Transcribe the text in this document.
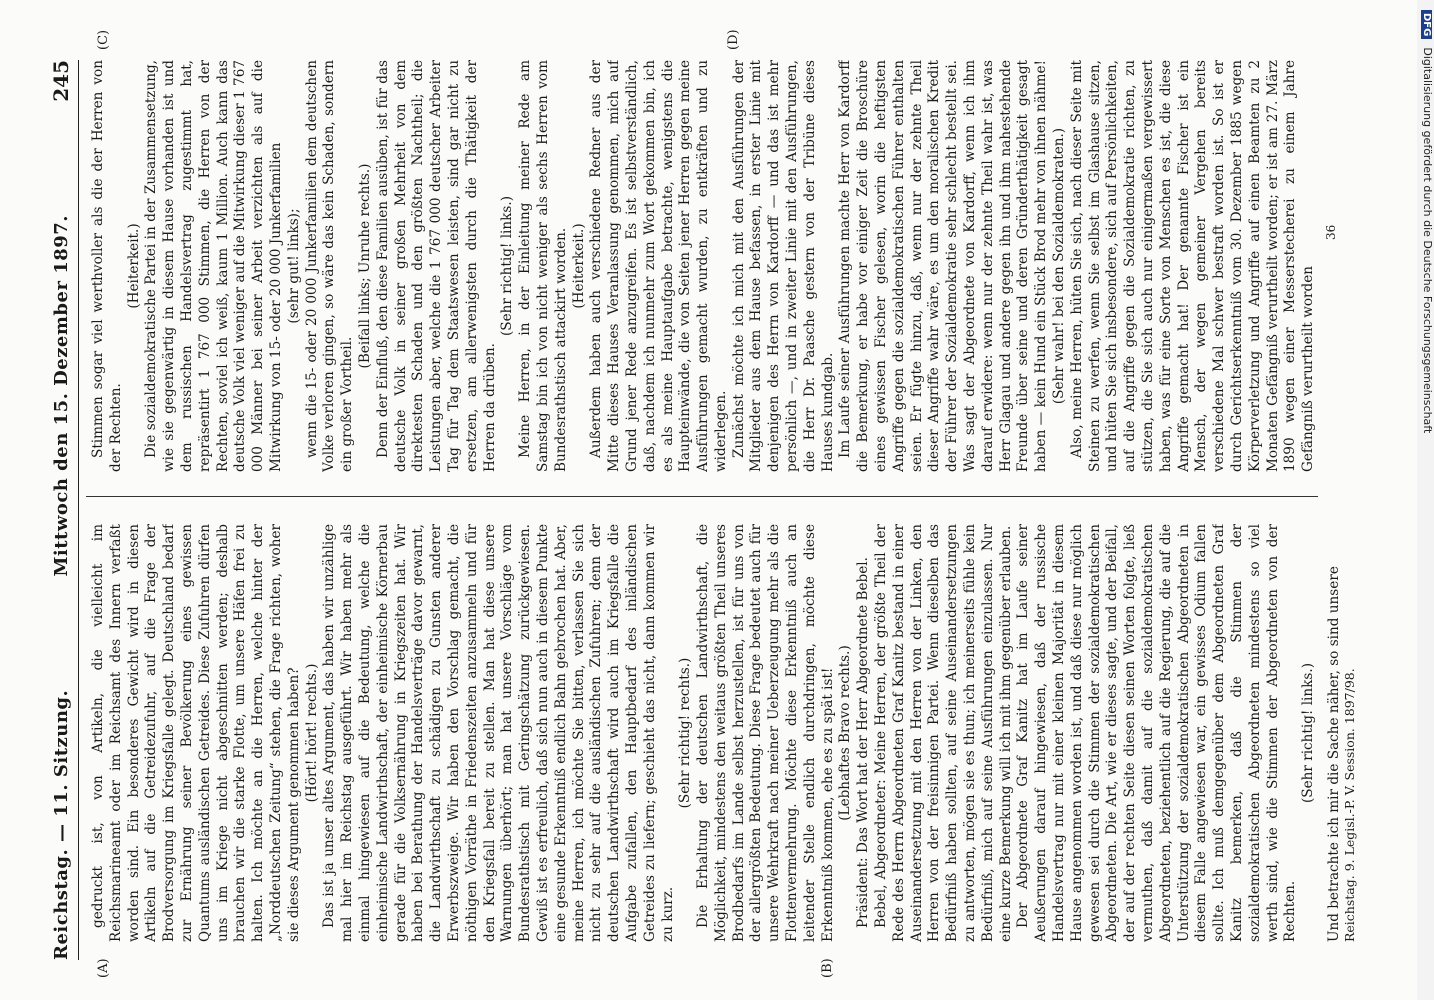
Reichstag. — 11. Sitzung.
Mittwoch den 15. Dezember 1897.
245
(A)	(B)
(C)	(D)

gedruckt ist, von Artikeln, die vielleicht im Reichsmarineamt oder im Reichsamt des Innern verfaßt worden sind. Ein besonderes Gewicht wird in diesen Artikeln auf die Getreidezufuhr, auf die Frage der Brodversorgung im Kriegsfalle gelegt. Deutschland bedarf zur Ernährung seiner Bevölkerung eines gewissen Quantums ausländischen Getreides. Diese Zufuhren dürfen uns im Kriege nicht abgeschnitten werden; deshalb brauchen wir die starke Flotte, um unsere Häfen frei zu halten. Ich möchte an die Herren, welche hinter der „Norddeutschen Zeitung“ stehen, die Frage richten, woher sie dieses Argument genommen haben? (Hört! hört! rechts.) Das ist ja unser altes Argument, das haben wir unzählige mal hier im Reichstag ausgeführt. Wir haben mehr als einmal hingewiesen auf die Bedeutung, welche die einheimische Landwirthschaft, der einheimische Körnerbau gerade für die Volksernährung in Kriegszeiten hat. Wir haben bei Berathung der Handelsverträge davor gewarnt, die Landwirthschaft zu schädigen zu Gunsten anderer Erwerbszweige. Wir haben den Vorschlag gemacht, die nöthigen Vorräthe in Friedenszeiten anzusammeln und für den Kriegsfall bereit zu stellen. Man hat diese unsere Warnungen überhört; man hat unsere Vorschläge vom Bundesrathstisch mit Geringschätzung zurückgewiesen. Gewiß ist es erfreulich, daß sich nun auch in diesem Punkte eine gesunde Erkenntniß endlich Bahn gebrochen hat. Aber, meine Herren, ich möchte Sie bitten, verlassen Sie sich nicht zu sehr auf die ausländischen Zufuhren; denn der deutschen Landwirthschaft wird auch im Kriegsfalle die Aufgabe zufallen, den Hauptbedarf des inländischen Getreides zu liefern; geschieht das nicht, dann kommen wir zu kurz.

(Sehr richtig! rechts.) Die Erhaltung der deutschen Landwirthschaft, die Möglichkeit, mindestens den weitaus größten Theil unseres Brodbedarfs im Lande selbst herzustellen, ist für uns von der allergrößten Bedeutung. Diese Frage bedeutet auch für unsere Wehrkraft nach meiner Ueberzeugung mehr als die Flottenvermehrung. Möchte diese Erkenntniß auch an leitender Stelle endlich durchdringen, möchte diese Erkenntniß kommen, ehe es zu spät ist! (Lebhaftes Bravo rechts.) Präsident: Das Wort hat der Herr Abgeordnete Bebel. Bebel, Abgeordneter: Meine Herren, der größte Theil der Rede des Herrn Abgeordneten Graf Kanitz bestand in einer Auseinandersetzung mit den Herren von der Linken, den Herren von der freisinnigen Partei. Wenn dieselben das Bedürfniß haben sollten, auf seine Auseinandersetzungen zu antworten, mögen sie es thun; ich meinerseits fühle kein Bedürfniß, mich auf seine Ausführungen einzulassen. Nur eine kurze Bemerkung will ich mit ihm gegenüber erlauben. Der Abgeordnete Graf Kanitz hat im Laufe seiner Aeußerungen darauf hingewiesen, daß der russische Handelsvertrag nur mit einer kleinen Majorität in diesem Hause angenommen worden ist, und daß diese nur möglich gewesen sei durch die Stimmen der sozialdemokratischen Abgeordneten. Die Art, wie er dieses sagte, und der Beifall, der auf der rechten Seite diesen seinen Worten folgte, ließ vermuthen, daß damit auf die sozialdemokratischen Abgeordneten, beziehentlich auf die Regierung, die auf die Unterstützung der sozialdemokratischen Abgeordneten in diesem Falle angewiesen war, ein gewisses Odium fallen sollte. Ich muß demgegenüber dem Abgeordneten Graf Kanitz bemerken, daß die Stimmen der sozialdemokratischen Abgeordneten mindestens so viel werth sind, wie die Stimmen der Abgeordneten von der Rechten.

(Sehr richtig! links.)

Stimmen sogar viel werthvoller als die der Herren von der Rechten.

(Heiterkeit.) Die sozialdemokratische Partei in der Zusammensetzung, wie sie gegenwärtig in diesem Hause vorhanden ist und dem russischen Handelsvertrag zugestimmt hat, repräsentirt 1 767 000 Stimmen, die Herren von der Rechten, soviel ich weiß, kaum 1 Million. Auch kann das deutsche Volk viel weniger auf die Mitwirkung dieser 1 767 000 Männer bei seiner Arbeit verzichten als auf die Mitwirkung von 15- oder 20 000 Junkerfamilien (sehr gut! links); wenn die 15- oder 20 000 Junkerfamilien dem deutschen Volke verloren gingen, so wäre das kein Schaden, sondern ein großer Vortheil.

(Beifall links; Unruhe rechts.) Denn der Einfluß, den diese Familien ausüben, ist für das deutsche Volk in seiner großen Mehrheit von dem direktesten Schaden und den größten Nachtheil; die Leistungen aber, welche die 1 767 000 deutscher Arbeiter Tag für Tag dem Staatswesen leisten, sind gar nicht zu ersetzen, am allerwenigsten durch die Thätigkeit der Herren da drüben.

(Sehr richtig! links.) Meine Herren, in der Einleitung meiner Rede am Samstag bin ich von nicht weniger als sechs Herren vom Bundesrathstisch attackirt worden. (Heiterkeit.) Außerdem haben auch verschiedene Redner aus der Mitte dieses Hauses Veranlassung genommen, mich auf Grund jener Rede anzugreifen. Es ist selbstverständlich, daß, nachdem ich nunmehr zum Wort gekommen bin, ich es als meine Hauptaufgabe betrachte, wenigstens die Haupteinwände, die von Seiten jener Herren gegen meine Ausführungen gemacht wurden, zu entkräften und zu widerlegen. Zunächst möchte ich mich mit den Ausführungen der Mitglieder aus dem Hause befassen, in erster Linie mit denjenigen des Herrn von Kardorff — und das ist mehr persönlich —, und in zweiter Linie mit den Ausführungen, die Herr Dr. Paasche gestern von der Tribüne dieses Hauses kundgab. Im Laufe seiner Ausführungen machte Herr von Kardorff die Bemerkung, er habe vor einiger Zeit die Broschüre eines gewissen Fischer gelesen, worin die heftigsten Angriffe gegen die sozialdemokratischen Führer enthalten seien. Er fügte hinzu, daß, wenn nur der zehnte Theil dieser Angriffe wahr wäre, es um den moralischen Kredit der Führer der Sozialdemokratie sehr schlecht bestellt sei. Was sagt der Abgeordnete von Kardorff, wenn ich ihm darauf erwidere: wenn nur der zehnte Theil wahr ist, was Herr Glagau und andere gegen ihn und ihm nahestehende Freunde über seine und deren Gründerthätigkeit gesagt haben — kein Hund ein Stück Brod mehr von ihnen nähme! (Sehr wahr! bei den Sozialdemokraten.) Also, meine Herren, hüten Sie sich, nach dieser Seite mit Steinen zu werfen, wenn Sie selbst im Glashause sitzen, und hüten Sie sich insbesondere, sich auf Persönlichkeiten, auf die Angriffe gegen die Sozialdemokratie richten, zu stützen, die Sie sich auch nur einigermaßen vergewissert haben, was für eine Sorte von Menschen es ist, die diese Angriffe gemacht hat! Der genannte Fischer ist ein Mensch, der wegen gemeiner Vergehen bereits verschiedene Mal schwer bestraft worden ist. So ist er durch Gerichtserkenntniß vom 30. Dezember 1885 wegen Körperverletzung und Angriffe auf einen Beamten zu 2 Monaten Gefängniß verurtheilt worden; er ist am 27. März 1890 wegen einer Messerstecherei zu einem Jahre Gefängniß verurtheilt worden

Und betrachte ich mir die Sache näher, so sind unsere Reichstag. 9. Legisl.-P. V. Session. 1897/98.
36
DFGDigitalisierung gefördert durch die Deutsche Forschungsgemeinschaft
